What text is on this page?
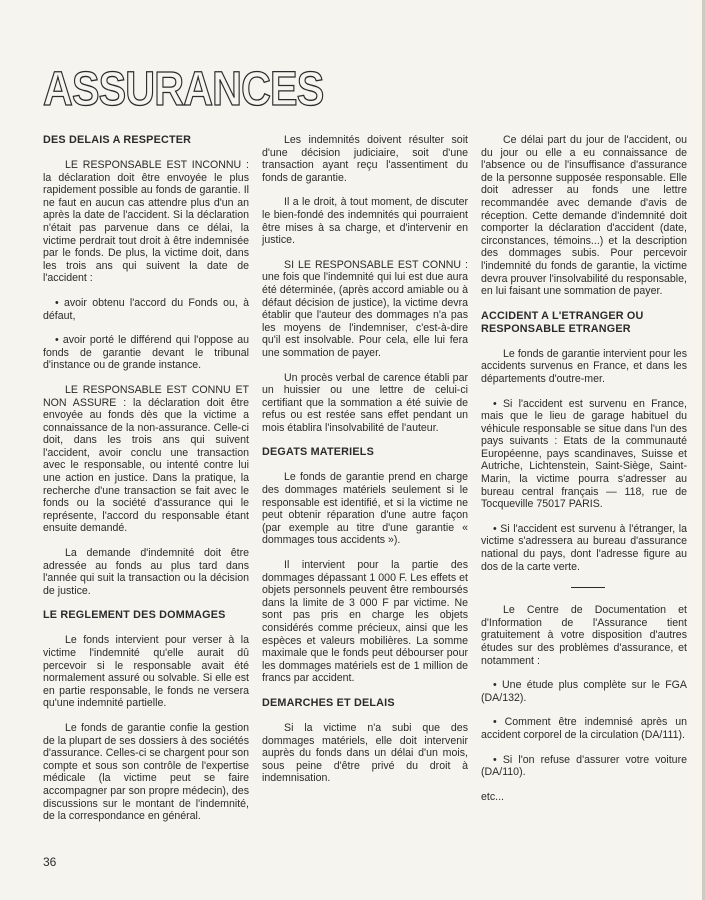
ASSURANCES
DES DELAIS A RESPECTER

LE RESPONSABLE EST INCONNU : la déclaration doit être envoyée le plus rapidement possible au fonds de garantie. Il ne faut en aucun cas attendre plus d'un an après la date de l'accident. Si la déclaration n'était pas parvenue dans ce délai, la victime perdrait tout droit à être indemnisée par le fonds. De plus, la victime doit, dans les trois ans qui suivent la date de l'accident :

• avoir obtenu l'accord du Fonds ou, à défaut,

• avoir porté le différend qui l'oppose au fonds de garantie devant le tribunal d'instance ou de grande instance.

LE RESPONSABLE EST CONNU ET NON ASSURE : la déclaration doit être envoyée au fonds dès que la victime a connaissance de la non-assurance. Celle-ci doit, dans les trois ans qui suivent l'accident, avoir conclu une transaction avec le responsable, ou intenté contre lui une action en justice. Dans la pratique, la recherche d'une transaction se fait avec le fonds ou la société d'assurance qui le représente, l'accord du responsable étant ensuite demandé.

La demande d'indemnité doit être adressée au fonds au plus tard dans l'année qui suit la transaction ou la décision de justice.

LE REGLEMENT DES DOMMAGES

Le fonds intervient pour verser à la victime l'indemnité qu'elle aurait dû percevoir si le responsable avait été normalement assuré ou solvable. Si elle est en partie responsable, le fonds ne versera qu'une indemnité partielle.

Le fonds de garantie confie la gestion de la plupart de ses dossiers à des sociétés d'assurance. Celles-ci se chargent pour son compte et sous son contrôle de l'expertise médicale (la victime peut se faire accompagner par son propre médecin), des discussions sur le montant de l'indemnité, de la correspondance en général.

Les indemnités doivent résulter soit d'une décision judiciaire, soit d'une transaction ayant reçu l'assentiment du fonds de garantie.

Il a le droit, à tout moment, de discuter le bien-fondé des indemnités qui pourraient être mises à sa charge, et d'intervenir en justice.

SI LE RESPONSABLE EST CONNU : une fois que l'indemnité qui lui est due aura été déterminée, (après accord amiable ou à défaut décision de justice), la victime devra établir que l'auteur des dommages n'a pas les moyens de l'indemniser, c'est-à-dire qu'il est insolvable. Pour cela, elle lui fera une sommation de payer.

Un procès verbal de carence établi par un huissier ou une lettre de celui-ci certifiant que la sommation a été suivie de refus ou est restée sans effet pendant un mois établira l'insolvabilité de l'auteur.

DEGATS MATERIELS

Le fonds de garantie prend en charge des dommages matériels seulement si le responsable est identifié, et si la victime ne peut obtenir réparation d'une autre façon (par exemple au titre d'une garantie « dommages tous accidents »).

Il intervient pour la partie des dommages dépassant 1 000 F. Les effets et objets personnels peuvent être remboursés dans la limite de 3 000 F par victime. Ne sont pas pris en charge les objets considérés comme précieux, ainsi que les espèces et valeurs mobilières. La somme maximale que le fonds peut débourser pour les dommages matériels est de 1 million de francs par accident.

DEMARCHES ET DELAIS

Si la victime n'a subi que des dommages matériels, elle doit intervenir auprès du fonds dans un délai d'un mois, sous peine d'être privé du droit à indemnisation.

Ce délai part du jour de l'accident, ou du jour ou elle a eu connaissance de l'absence ou de l'insuffisance d'assurance de la personne supposée responsable. Elle doit adresser au fonds une lettre recommandée avec demande d'avis de réception. Cette demande d'indemnité doit comporter la déclaration d'accident (date, circonstances, témoins...) et la description des dommages subis. Pour percevoir l'indemnité du fonds de garantie, la victime devra prouver l'insolvabilité du responsable, en lui faisant une sommation de payer.

ACCIDENT A L'ETRANGER OU RESPONSABLE ETRANGER

Le fonds de garantie intervient pour les accidents survenus en France, et dans les départements d'outre-mer.

• Si l'accident est survenu en France, mais que le lieu de garage habituel du véhicule responsable se situe dans l'un des pays suivants : Etats de la communauté Européenne, pays scandinaves, Suisse et Autriche, Lichtenstein, Saint-Siège, Saint-Marin, la victime pourra s'adresser au bureau central français — 118, rue de Tocqueville 75017 PARIS.

• Si l'accident est survenu à l'étranger, la victime s'adressera au bureau d'assurance national du pays, dont l'adresse figure au dos de la carte verte.

Le Centre de Documentation et d'Information de l'Assurance tient gratuitement à votre disposition d'autres études sur des problèmes d'assurance, et notamment :

• Une étude plus complète sur le FGA (DA/132).

• Comment être indemnisé après un accident corporel de la circulation (DA/111).

• Si l'on refuse d'assurer votre voiture (DA/110).

etc...

36
